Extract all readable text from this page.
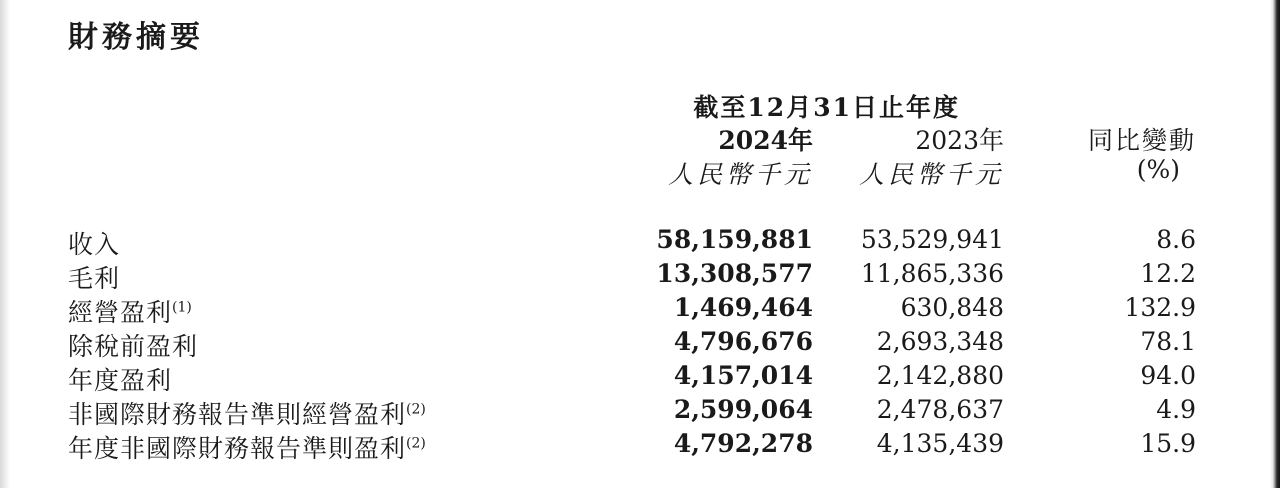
財務摘要
截至12月31日止年度
2024年	2023年	同比變動
人民幣千元 人民幣千元	(%)
收入	58,159,881 53,529,941	8.6
毛利	13,308,577 11,865,336	12.2
經營盈利$^{(1)}$	1,469,464	630,848	132.9
除稅前盈利	4,796,676	2,693,348	78.1
年度盈利	4,157,014	2,142,880	94.0
非國際財務報告準則經營盈利$^{(2)}$	2,599,064	2,478,637	4.9
年度非國際財務報告準則盈利$^{(2)}$	4,792,278	4,135,439	15.9
